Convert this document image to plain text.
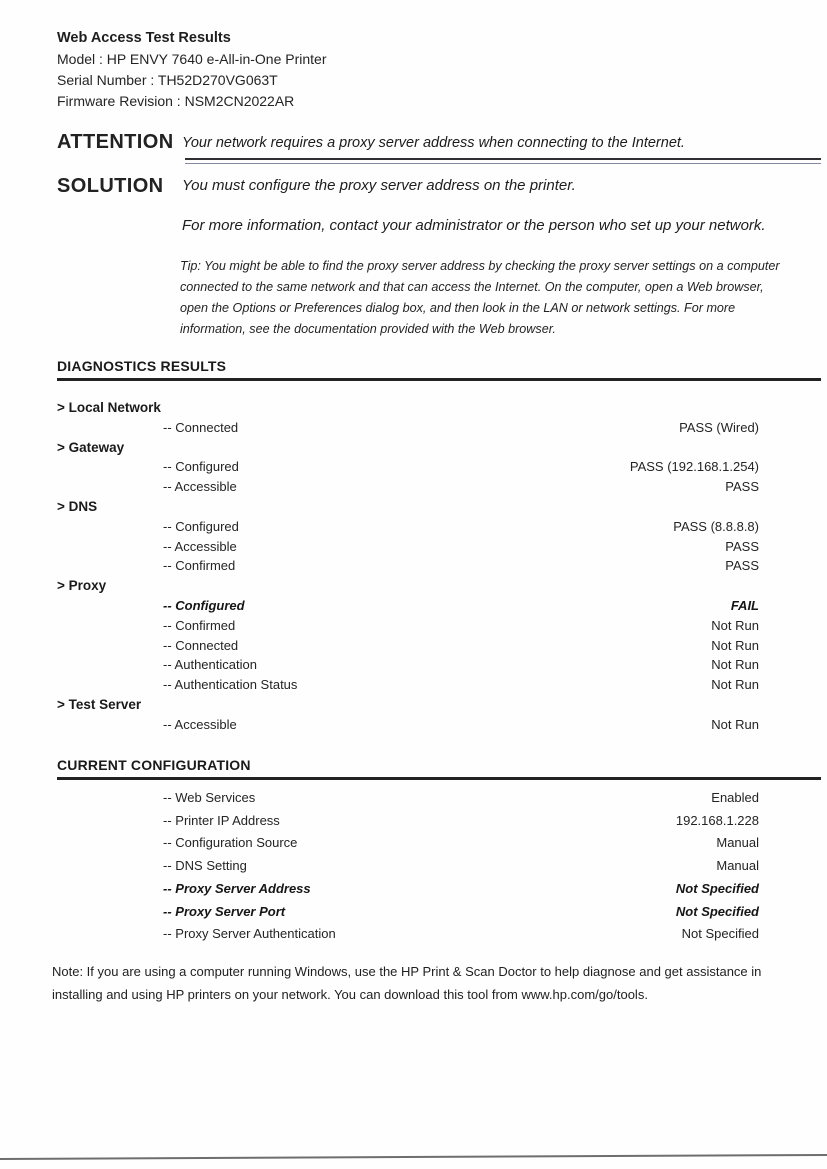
Web Access Test Results
Model : HP ENVY 7640 e-All-in-One Printer
Serial Number : TH52D270VG063T
Firmware Revision : NSM2CN2022AR
ATTENTION Your network requires a proxy server address when connecting to the Internet.
SOLUTION You must configure the proxy server address on the printer.
For more information, contact your administrator or the person who set up your network.
Tip: You might be able to find the proxy server address by checking the proxy server settings on a computer
connected to the same network and that can access the Internet. On the computer, open a Web browser,
open the Options or Preferences dialog box, and then look in the LAN or network settings. For more
information, see the documentation provided with the Web browser.
DIAGNOSTICS RESULTS
> Local Network
-- Connected	PASS (Wired)
> Gateway
-- Configured	PASS (192.168.1.254)
-- Accessible	PASS
> DNS
-- Configured	PASS (8.8.8.8)
-- Accessible	PASS
-- Confirmed	PASS
> Proxy
-- Configured	FAIL
-- Confirmed	Not Run
-- Connected	Not Run
-- Authentication	Not Run
-- Authentication Status	Not Run
> Test Server
-- Accessible	Not Run
CURRENT CONFIGURATION
-- Web Services	Enabled
-- Printer IP Address	192.168.1.228
-- Configuration Source	Manual
-- DNS Setting	Manual
-- Proxy Server Address	Not Specified
-- Proxy Server Port	Not Specified
-- Proxy Server Authentication	Not Specified
Note: If you are using a computer running Windows, use the HP Print & Scan Doctor to help diagnose and get assistance in
installing and using HP printers on your network. You can download this tool from www.hp.com/go/tools.
